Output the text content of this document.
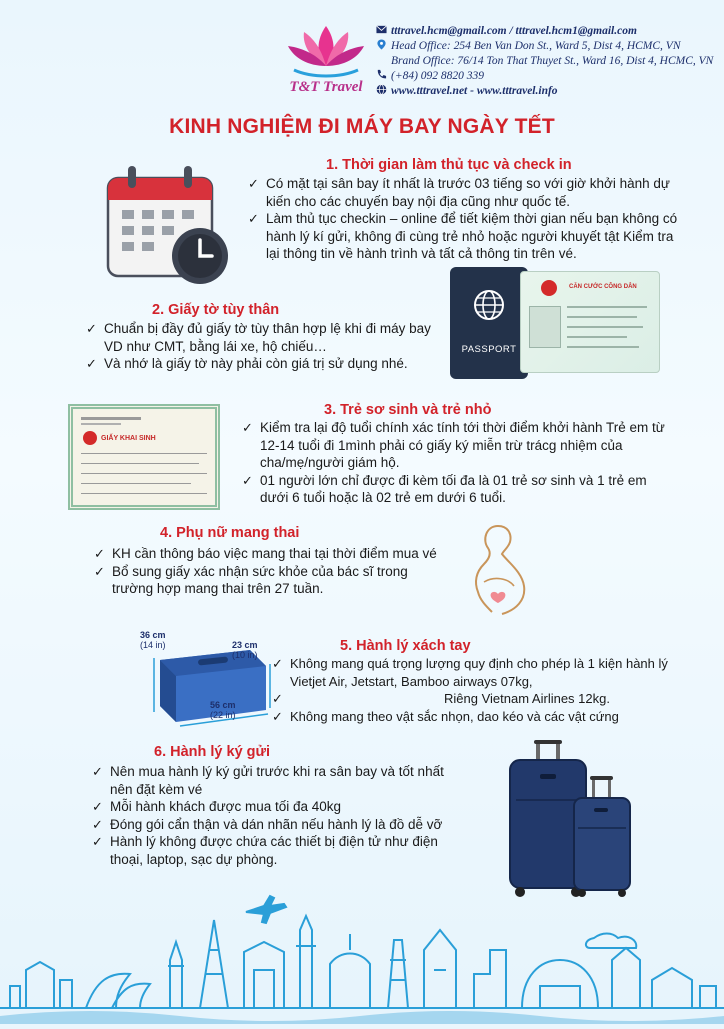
T&T Travel
tttravel.hcm@gmail.com / tttravel.hcm1@gmail.com
Head Office: 254 Ben Van Don St., Ward 5, Dist 4, HCMC, VN
Brand Office: 76/14 Ton That Thuyet St., Ward 16, Dist 4, HCMC, VN
(+84) 092 8820 339
www.tttravel.net - www.tttravel.info
KINH NGHIỆM ĐI MÁY BAY NGÀY TẾT
1. Thời gian làm thủ tục và check in
✓ Có mặt tại sân bay ít nhất là trước 03 tiếng so với giờ khởi hành dự kiến cho các chuyến bay nội địa cũng như quốc tế.
✓ Làm thủ tục checkin – online để tiết kiệm thời gian nếu bạn không có hành lý kí gửi, không đi cùng trẻ nhỏ hoặc người khuyết tật Kiểm tra lại thông tin về hành trình và tất cả thông tin trên vé.
2. Giấy tờ tùy thân
✓ Chuẩn bị đầy đủ giấy tờ tùy thân hợp lệ khi đi máy bay VD như CMT, bằng lái xe, hộ chiếu…
✓ Và nhớ là giấy tờ này phải còn giá trị sử dụng nhé.
PASSPORT
CĂN CƯỚC CÔNG DÂN
GIẤY KHAI SINH
3. Trẻ sơ sinh và trẻ nhỏ
✓ Kiểm tra lại độ tuổi chính xác tính tới thời điểm khởi hành Trẻ em từ 12-14 tuổi đi 1mình phải có giấy ký miễn trừ trácg nhiệm của cha/mẹ/người giám hộ.
✓ 01 người lớn chỉ được đi kèm tối đa là 01 trẻ sơ sinh và 1 trẻ em dưới 6 tuổi hoặc là 02 trẻ em dưới 6 tuổi.
4. Phụ nữ mang thai
✓ KH cần thông báo việc mang thai tại thời điểm mua vé
✓ Bổ sung giấy xác nhận sức khỏe của bác sĩ trong trường hợp mang thai trên 27 tuần.
36 cm
(14 in)	23 cm
(10 in)
56 cm
(22 in)
5. Hành lý xách tay
✓ Không mang quá trọng lượng quy định cho phép là 1 kiện hành lý Vietjet Air, Jetstart, Bamboo airways 07kg,
✓ Riêng Vietnam Airlines 12kg.
✓ Không mang theo vật sắc nhọn, dao kéo và các vật cứng
6. Hành lý ký gửi
✓ Nên mua hành lý ký gửi trước khi ra sân bay và tốt nhất nên đặt kèm vé
✓ Mỗi hành khách được mua tối đa 40kg
✓ Đóng gói cẩn thận và dán nhãn nếu hành lý là đồ dễ vỡ
✓ Hành lý không được chứa các thiết bị điện tử như điện thoại, laptop, sạc dự phòng.
